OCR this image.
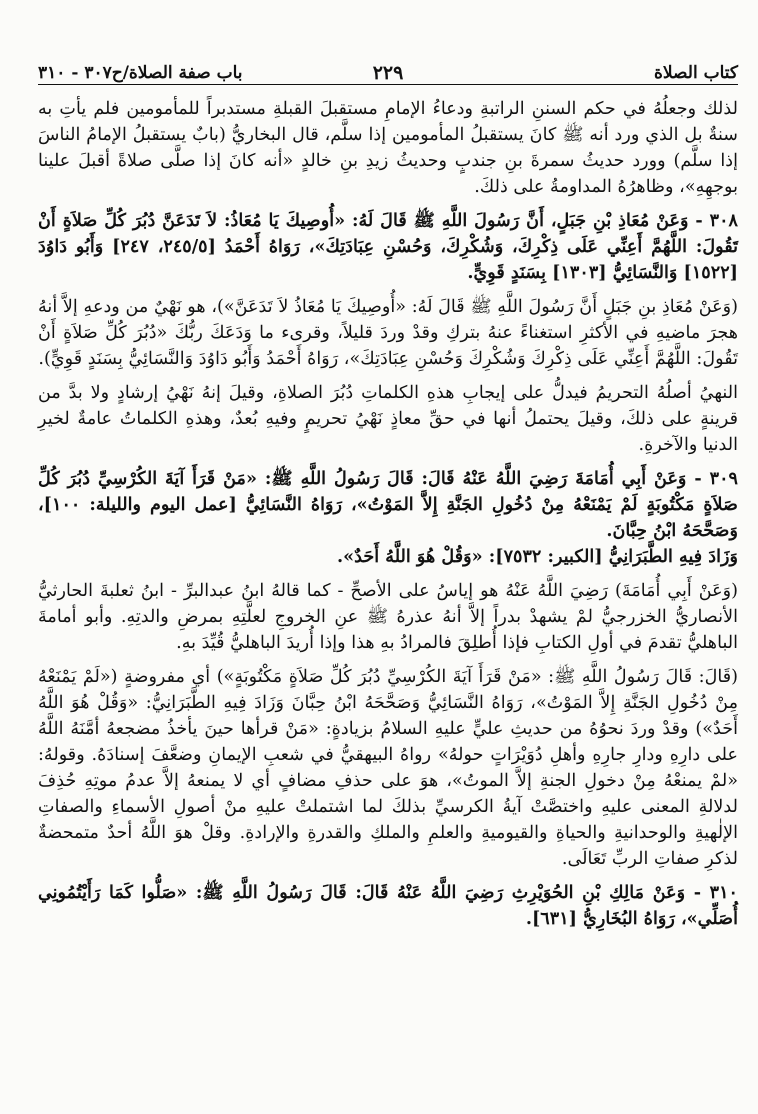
كتاب الصلاة
٢٢٩
باب صفة الصلاة/ح٣٠٧ - ٣١٠

لذلك وجعلُهُ في حكم السننِ الراتبةِ ودعاءُ الإمامِ مستقبلَ القبلةِ مستدبراً للمأمومين فلم يأتِ به سنةٌ بل الذي ورد أنه ﷺ كانَ يستقبلُ المأمومين إذا سلَّم، قال البخاريُّ (بابٌ يستقبلُ الإمامُ الناسَ إذا سلَّم) وورد حديثُ سمرةَ بنِ جندبٍ وحديثُ زيدِ بنِ خالدٍ «أنه كانَ إذا صلَّى صلاةً أقبلَ علينا بوجهِهِ»، وظاهرُهُ المداومةُ على ذلكَ.

٣٠٨ - وَعَنْ مُعَاذِ بْنِ جَبَلٍ، أَنَّ رَسُولَ اللَّهِ ﷺ قَالَ لَهُ: «أُوصِيكَ يَا مُعَاذُ: لاَ تَدَعَنَّ دُبُرَ كُلِّ صَلاَةٍ أَنْ تَقُولَ: اللَّهُمَّ أَعِنِّي عَلَى ذِكْرِكَ، وَشُكْرِكَ، وَحُسْنِ عِبَادَتِكَ»، رَوَاهُ أَحْمَدُ [٢٤٥/٥، ٢٤٧] وَأَبُو دَاوُدَ [١٥٢٢] وَالنَّسَائِيُّ [١٣٠٣] بِسَنَدٍ قَوِيٍّ.

(وَعَنْ مُعَاذِ بنِ جَبَلٍ أَنَّ رَسُولَ اللَّهِ ﷺ قَالَ لَهُ: «أُوصِيكَ يَا مُعَاذُ لاَ تَدَعَنَّ»)، هو نَهْيٌ من ودعهِ إلاَّ أنهُ هجرَ ماضيهِ في الأكثرِ استغناءً عنهُ بتركِ وقدْ وردَ قليلاً، وقرىء ما وَدَعَكَ ربُّكَ «دُبُرَ كُلِّ صَلاَةٍ أَنْ تَقُولَ: اللَّهُمَّ أَعِنِّي عَلَى ذِكْرِكَ وَشُكْرِكَ وَحُسْنِ عِبَادَتِكَ»، رَوَاهُ أَحْمَدُ وَأَبُو دَاوُدَ وَالنَّسَائِيُّ بِسَنَدٍ قَوِيٍّ).

النهيُ أصلُهُ التحريمُ فيدلُّ على إيجابِ هذهِ الكلماتِ دُبُرَ الصلاةِ، وقيلَ إنهُ نَهْيُ إرشادٍ ولا بدَّ من قرينةٍ على ذلكَ، وقيلَ يحتملُ أنها في حقِّ معاذٍ نَهْيُ تحريمٍ وفيهِ بُعدٌ، وهذهِ الكلماتُ عامةٌ لخيرِ الدنيا والآخرةِ.

٣٠٩ - وَعَنْ أَبِي أُمَامَةَ رَضِيَ اللَّهُ عَنْهُ قَالَ: قَالَ رَسُولُ اللَّهِ ﷺ: «مَنْ قَرَأَ آيَةَ الكُرْسِيِّ دُبُرَ كُلِّ صَلاَةٍ مَكْتُوبَةٍ لَمْ يَمْنَعْهُ مِنْ دُخُولِ الجَنَّةِ إِلاَّ المَوْتُ»، رَوَاهُ النَّسَائِيُّ [عمل اليوم والليلة: ١٠٠]، وَصَحَّحَهُ ابْنُ حِبَّانَ.

وَزَادَ فِيهِ الطَّبَرَانِيُّ [الكبير: ٧٥٣٢]: «وَقُلْ هُوَ اللَّهُ أَحَدٌ».

(وَعَنْ أَبِي أُمَامَةَ) رَضِيَ اللَّهُ عَنْهُ هو إياسُ على الأصحِّ - كما قالهُ ابنُ عبدالبرِّ - ابنُ ثعلبةَ الحارثيُّ الأنصاريُّ الخزرجيُّ لمْ يشهدْ بدراً إلاَّ أنهُ عذرهُ ﷺ عنِ الخروجِ لعلَّتِهِ بمرضِ والدتِهِ. وأبو أمامةَ الباهليُّ تقدمَ في أولِ الكتابِ فإذا أُطلِقَ فالمرادُ بهِ هذا وإذا أُريدَ الباهليُّ قُيِّدَ بهِ.

(قَالَ: قَالَ رَسُولُ اللَّهِ ﷺ: «مَنْ قَرَأَ آيَةَ الكُرْسِيِّ دُبُرَ كُلِّ صَلاَةٍ مَكْتُوبَةٍ») أي مفروضةٍ («لَمْ يَمْنَعْهُ مِنْ دُخُولِ الجَنَّةِ إِلاَّ المَوْتُ»، رَوَاهُ النَّسَائِيُّ وَصَحَّحَهُ ابْنُ حِبَّانَ وَزَادَ فِيهِ الطَّبَرَانِيُّ: «وَقُلْ هُوَ اللَّهُ أَحَدٌ») وقدْ وردَ نحوُهُ من حديثِ عليٍّ عليهِ السلامُ بزيادةٍ: «مَنْ قرأها حينَ يأخذُ مضجعهُ أمَّنَهُ اللَّهُ على دارِهِ ودارِ جارِهِ وأهلِ دُوَيْرَاتٍ حولهُ» رواهُ البيهقيُّ في شعبِ الإيمانِ وضعَّفَ إسنادَهُ. وقولهُ: «لمْ يمنعْهُ مِنْ دخولِ الجنةِ إلاَّ الموتُ»، هوَ على حذفِ مضافٍ أي لا يمنعهُ إلاَّ عدمُ موتِهِ حُذِفَ لدلالةِ المعنى عليهِ واختصَّتْ آيةُ الكرسيِّ بذلكَ لما اشتملتْ عليهِ منْ أصولِ الأسماءِ والصفاتِ الإلٰهيةِ والوحدانيةِ والحياةِ والقيوميةِ والعلمِ والملكِ والقدرةِ والإرادةِ. وقلْ هوَ اللَّهُ أحدٌ متمحضةٌ لذكرِ صفاتِ الربِّ تَعَالَى.

٣١٠ - وَعَنْ مَالِكِ بْنِ الحُوَيْرِثِ رَضِيَ اللَّهُ عَنْهُ قَالَ: قَالَ رَسُولُ اللَّهِ ﷺ: «صَلُّوا كَمَا رَأَيْتُمُونِي أُصَلِّي»، رَوَاهُ البُخَارِيُّ [٦٣١].
